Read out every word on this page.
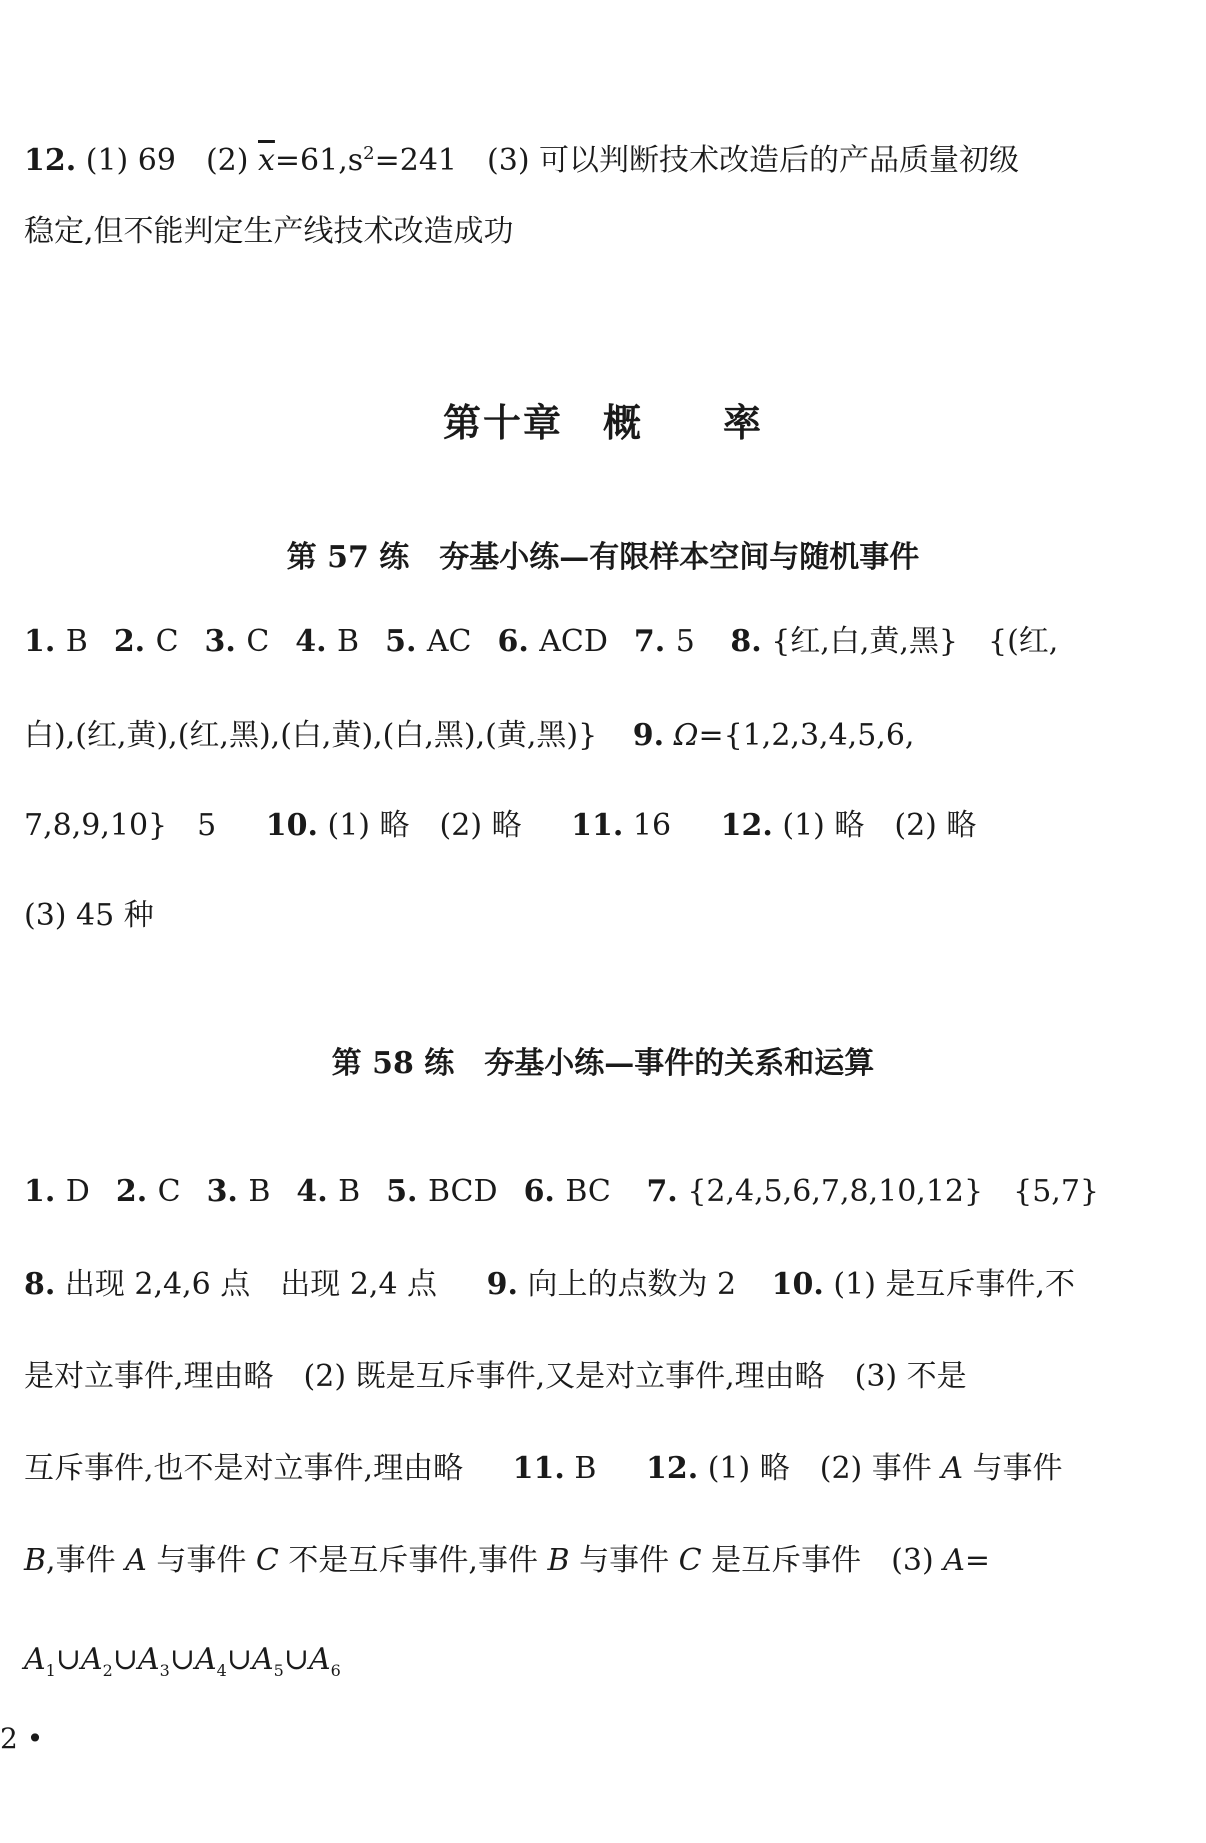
12. (1) 69　(2) $\overline{x}=61,s^2=241$　(3) 可以判断技术改造后的产品质量初级
稳定,但不能判定生产线技术改造成功
第十章　概　　率
第 57 练　夯基小练—有限样本空间与随机事件
1. B 2. C 3. C 4. B 5. AC 6. ACD 7. 5 8. {红,白,黄,黑}　{(红,
白),(红,黄),(红,黑),(白,黄),(白,黑),(黄,黑)} 9. Ω={1,2,3,4,5,6,
7,8,9,10}　5 10. (1) 略　(2) 略 11. 16 12. (1) 略　(2) 略
(3) 45 种
第 58 练　夯基小练—事件的关系和运算
1. D 2. C 3. B 4. B 5. BCD 6. BC 7. {2,4,5,6,7,8,10,12}　{5,7}
8. 出现 2,4,6 点　出现 2,4 点 9. 向上的点数为 2 10. (1) 是互斥事件,不
是对立事件,理由略　(2) 既是互斥事件,又是对立事件,理由略　(3) 不是
互斥事件,也不是对立事件,理由略 11. B 12. (1) 略　(2) 事件 A 与事件
B,事件 A 与事件 C 不是互斥事件,事件 B 与事件 C 是互斥事件　(3) A=
$A_1\cup A_2\cup A_3\cup A_4\cup A_5\cup A_6$
2 •
